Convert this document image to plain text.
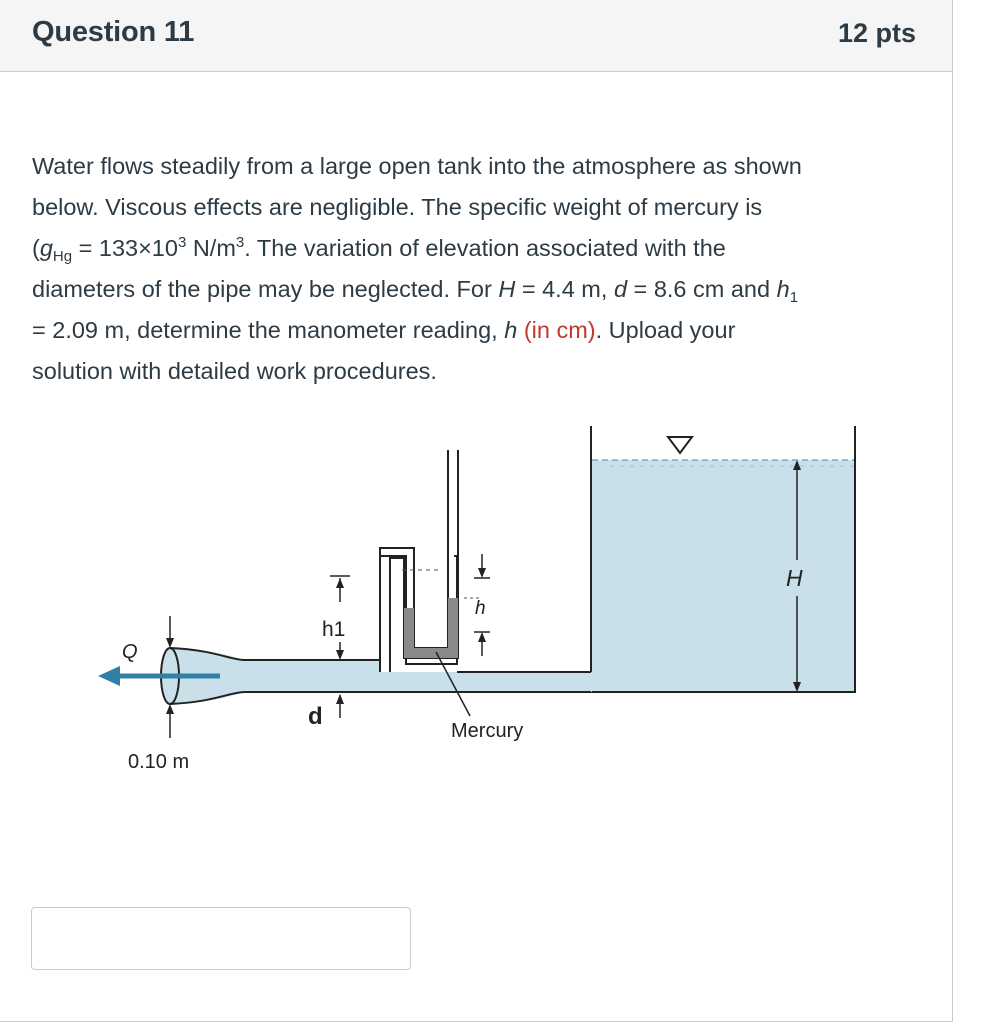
Question 11	12 pts
Water flows steadily from a large open tank into the atmosphere as shown
below. Viscous effects are negligible. The specific weight of mercury is
($g_{Hg} = 133\times 10^3$ $N/m^3$. The variation of elevation associated with the
diameters of the pipe may be neglected. For H = 4.4 m, d = 8.6 cm and $h_1$
= 2.09 m, determine the manometer reading, h (in cm). Upload your
solution with detailed work procedures.
Q
h1
d
h
H
Mercury
0.10 m
